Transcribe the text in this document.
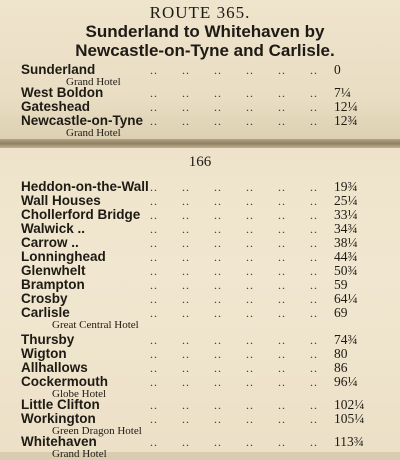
ROUTE 365.
Sunderland to Whitehaven by Newcastle-on-Tyne and Carlisle.
Sunderland	..      ..      ..      ..      ..      .. 0
Grand Hotel
West Boldon	..      ..      ..      ..      ..      .. 7¼
Gateshead	..      ..      ..      ..      ..      .. 12¼
Newcastle-on-Tyne ..      ..      ..      ..      ..      .. 12¾
Grand Hotel
166
Heddon-on-the-Wall ..      ..      ..      ..      ..      .. 19¾
Wall Houses	..      ..      ..      ..      ..      .. 25¼
Chollerford Bridge ..      ..      ..      ..      ..      .. 33¼
Walwick ..	..      ..      ..      ..      ..      .. 34¾
Carrow ..	..      ..      ..      ..      ..      .. 38¼
Lonninghead	..      ..      ..      ..      ..      .. 44¾
Glenwhelt	..      ..      ..      ..      ..      .. 50¾
Brampton	..      ..      ..      ..      ..      .. 59
Crosby	..      ..      ..      ..      ..      .. 64¼
Carlisle	..      ..      ..      ..      ..      .. 69
Great Central Hotel
Thursby	..      ..      ..      ..      ..      .. 74¾
Wigton	..      ..      ..      ..      ..      .. 80
Allhallows	..      ..      ..      ..      ..      .. 86
Cockermouth	..      ..      ..      ..      ..      .. 96¼
Globe Hotel
Little Clifton	..      ..      ..      ..      ..      .. 102¼
Workington	..      ..      ..      ..      ..      .. 105¼
Green Dragon Hotel
Whitehaven	..      ..      ..      ..      ..      .. 113¾
Grand Hotel
